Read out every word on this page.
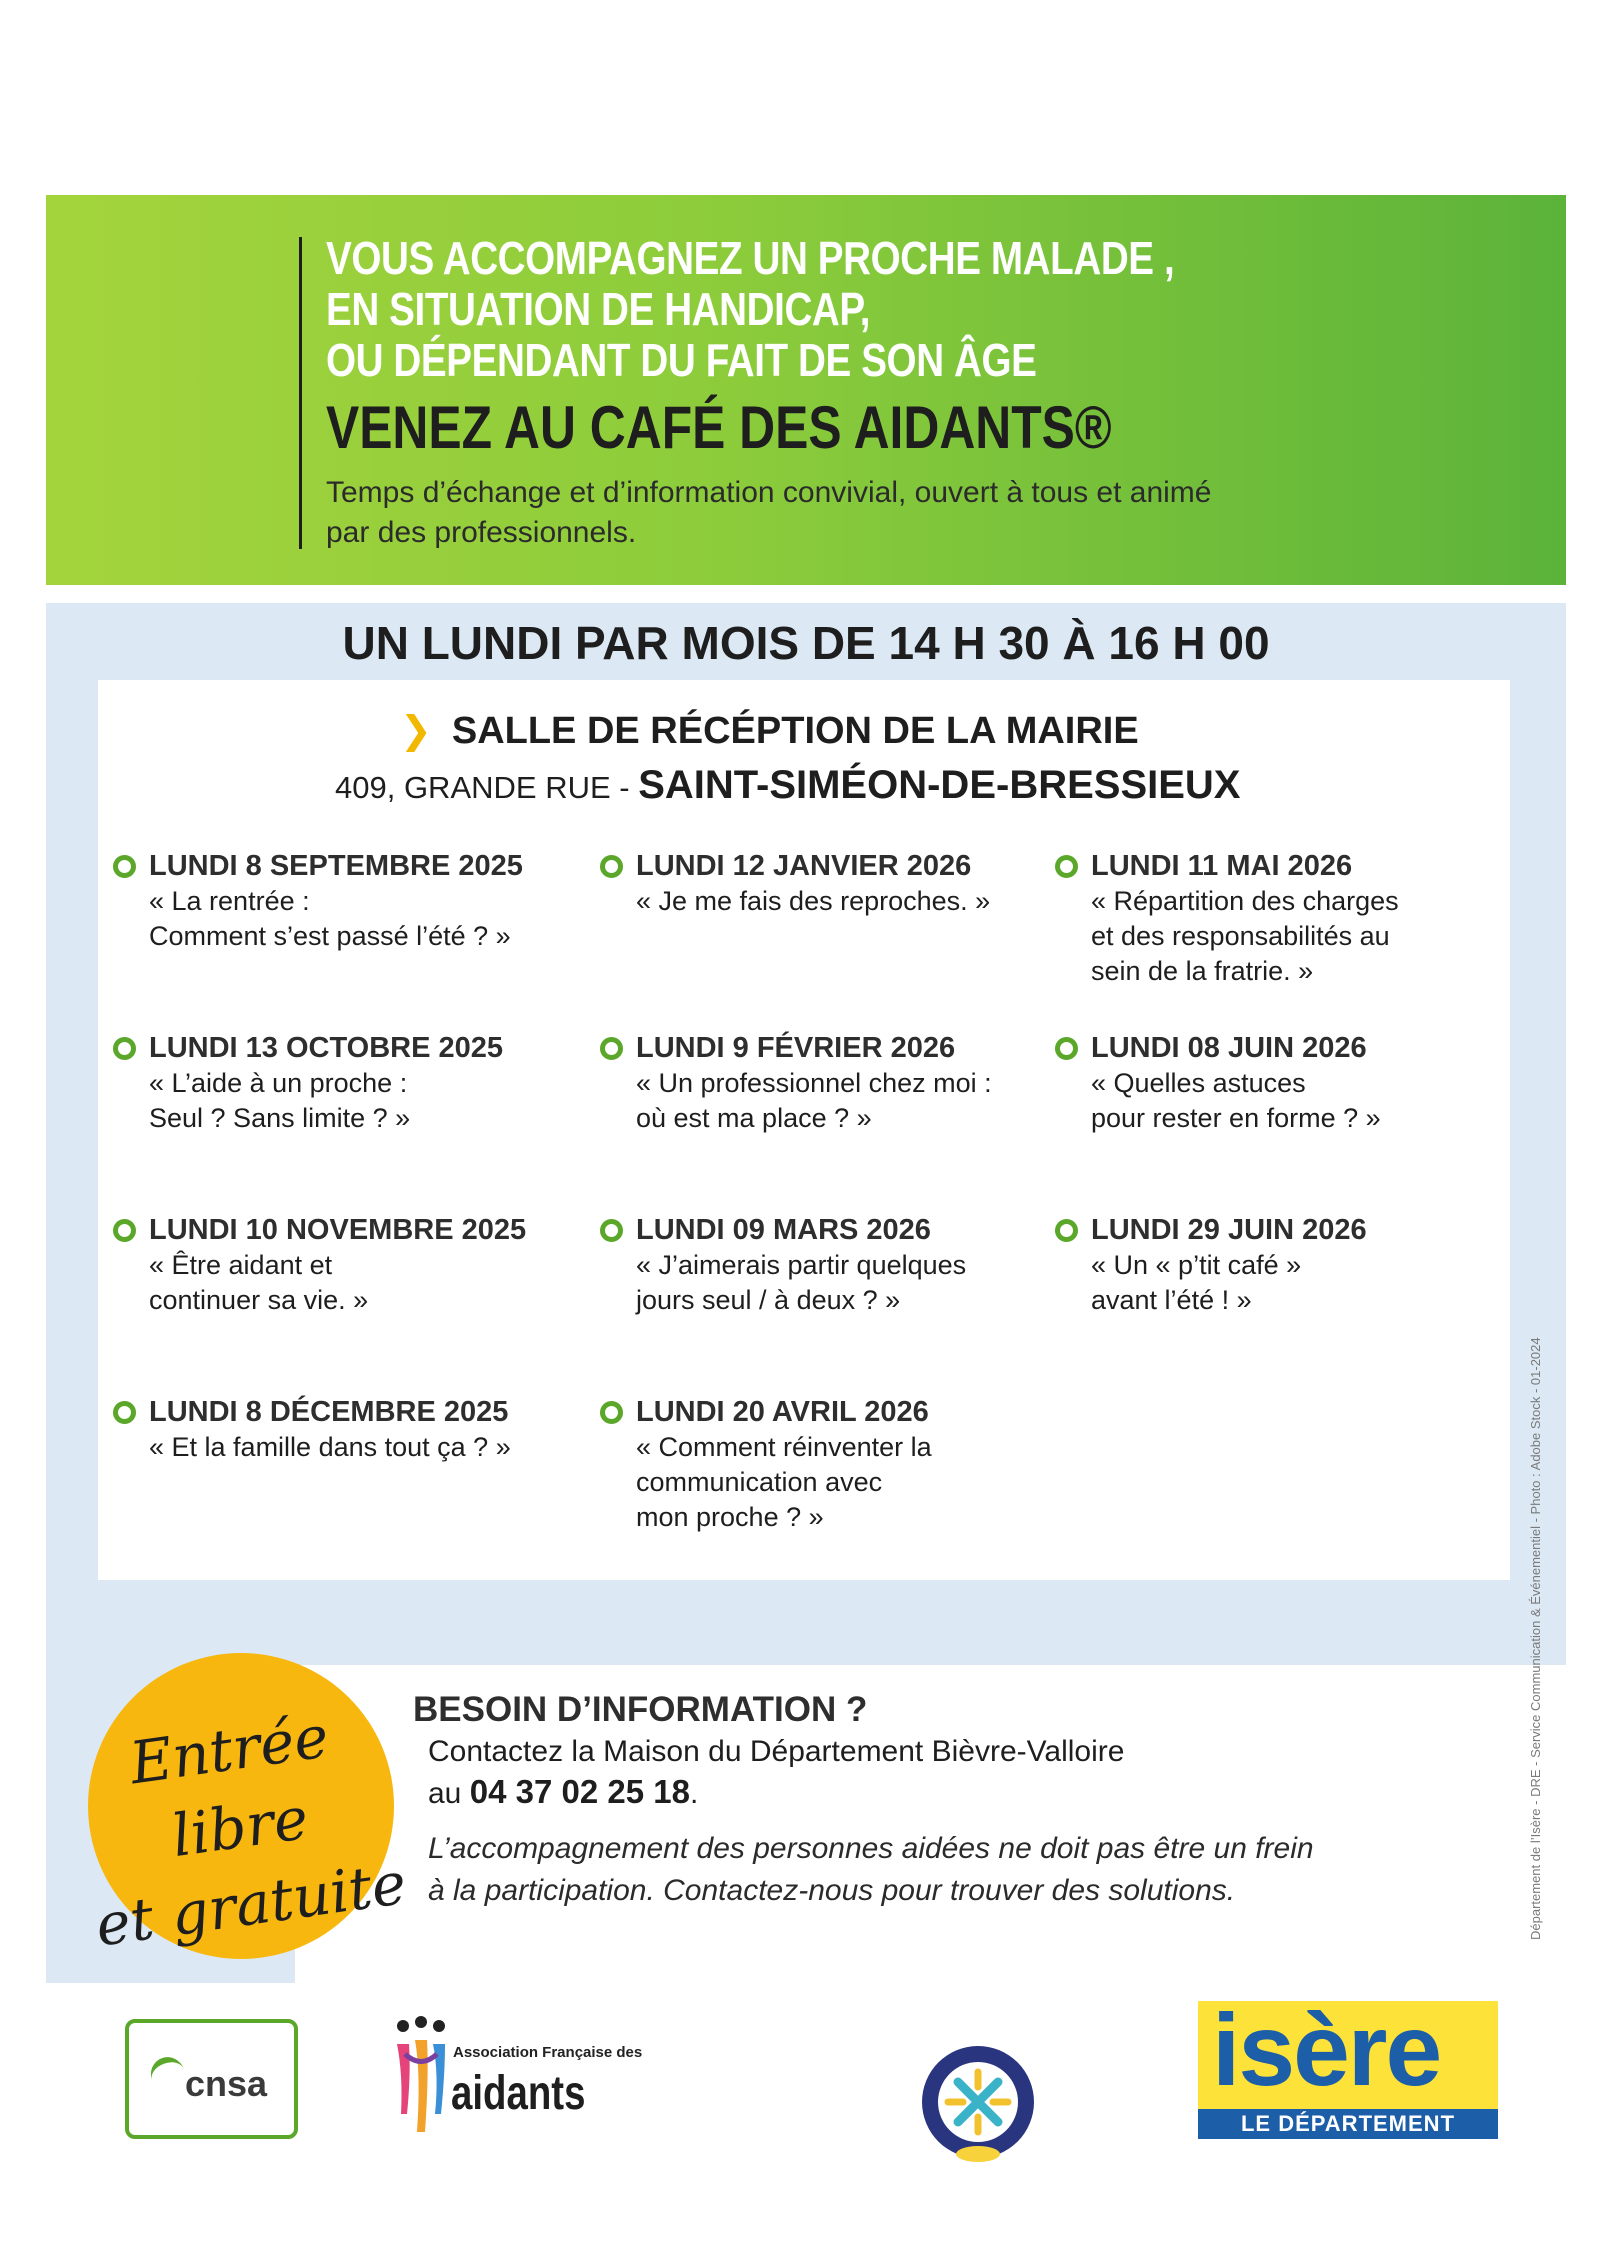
VOUS ACCOMPAGNEZ UN PROCHE MALADE ,
EN SITUATION DE HANDICAP,
OU DÉPENDANT DU FAIT DE SON ÂGE
VENEZ AU CAFÉ DES AIDANTS®
Temps d’échange et d’information convivial, ouvert à tous et animé
par des professionnels.
UN LUNDI PAR MOIS DE 14 H 30 À 16 H 00
❯ SALLE DE RÉCÉPTION DE LA MAIRIE
409, GRANDE RUE - SAINT-SIMÉON-DE-BRESSIEUX
LUNDI 8 SEPTEMBRE 2025
« La rentrée :
Comment s’est passé l’été ? »
LUNDI 12 JANVIER 2026
« Je me fais des reproches. »
LUNDI 11 MAI 2026
« Répartition des charges
et des responsabilités au
sein de la fratrie. »
LUNDI 13 OCTOBRE 2025
« L’aide à un proche :
Seul ? Sans limite ? »
LUNDI 9 FÉVRIER 2026
« Un professionnel chez moi :
où est ma place ? »
LUNDI 08 JUIN 2026
« Quelles astuces
pour rester en forme ? »
LUNDI 10 NOVEMBRE 2025
« Être aidant et
continuer sa vie. »
LUNDI 09 MARS 2026
« J’aimerais partir quelques
jours seul / à deux ? »
LUNDI 29 JUIN 2026
« Un « p’tit café »
avant l’été ! »
LUNDI 8 DÉCEMBRE 2025
« Et la famille dans tout ça ? »
LUNDI 20 AVRIL 2026
« Comment réinventer la
communication avec
mon proche ? »
Entrée libre
et gratuite
BESOIN D’INFORMATION ?
Contactez la Maison du Département Bièvre-Valloire
au 04 37 02 25 18.
L’accompagnement des personnes aidées ne doit pas être un frein
à la participation. Contactez-nous pour trouver des solutions.	Département de l’Isère - DRE - Service Communication & Événementiel - Photo : Adobe Stock - 01-2024
cnsa
Association Française des
aidants	isère
LE DÉPARTEMENT
